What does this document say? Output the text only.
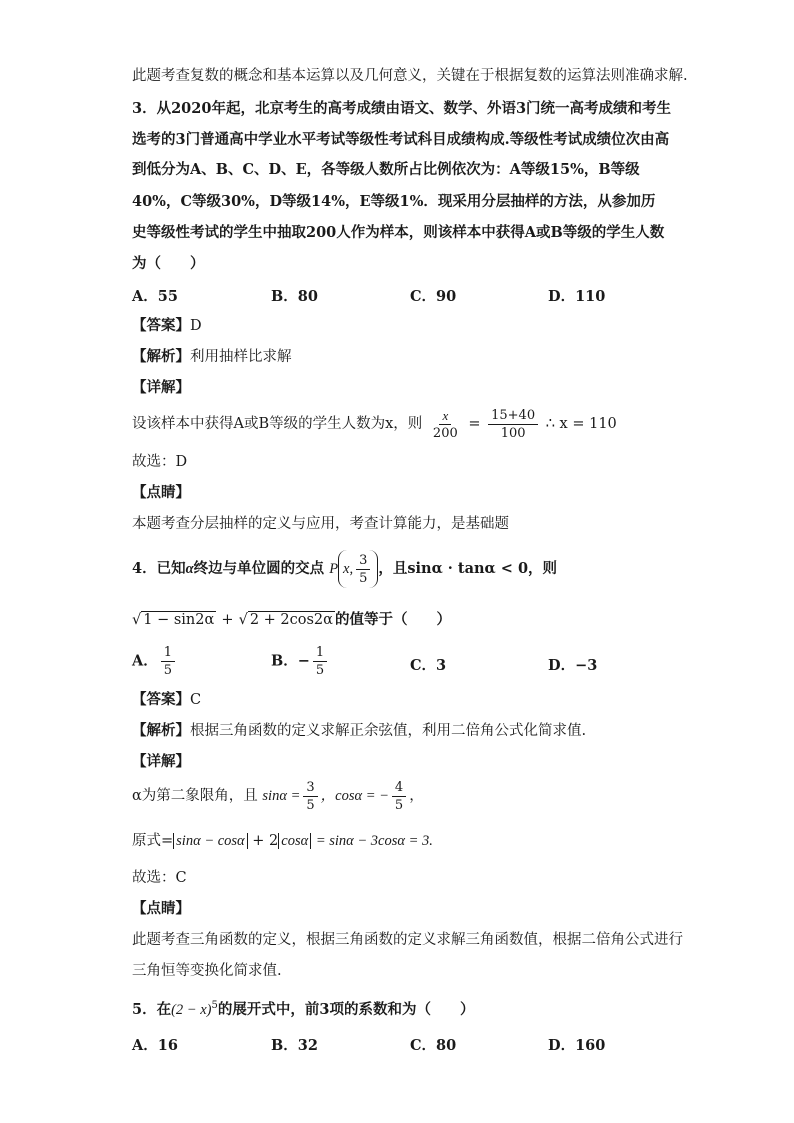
此题考查复数的概念和基本运算以及几何意义，关键在于根据复数的运算法则准确求解.
3．从2020年起，北京考生的高考成绩由语文、数学、外语3门统一高考成绩和考生
选考的3门普通高中学业水平考试等级性考试科目成绩构成.等级性考试成绩位次由高
到低分为A、B、C、D、E，各等级人数所占比例依次为：A等级15%，B等级
40%，C等级30%，D等级14%，E等级1%．现采用分层抽样的方法，从参加历
史等级性考试的学生中抽取200人作为样本，则该样本中获得A或B等级的学生人数
为（　　）
A．55	B．80	C．90	D．110
【答案】D
【解析】利用抽样比求解
【详解】
设该样本中获得A或B等级的学生人数为x，则 $\frac{x}{200} = \frac{15+40}{100}$ ∴ x = 110
故选：D
【点睛】
本题考查分层抽样的定义与应用，考查计算能力，是基础题
4．已知α终边与单位圆的交点 P x, $\frac{3}{5}$ ，且sinα · tanα < 0，则
√ 1 − sin2α + √ 2 + 2cos2α 的值等于（　　）
A． $\frac{1}{5}$	B．− $\frac{1}{5}$	C．3	D．−3
【答案】C
【解析】根据三角函数的定义求解正余弦值，利用二倍角公式化简求值.
【详解】
α为第二象限角，且 $\sin\alpha = \frac{3}{5}$ ，cosα = − $\frac{4}{5}$ ，
原式= sinα − cosα + 2 cosα = sinα − 3cosα = 3.
故选：C
【点睛】
此题考查三角函数的定义，根据三角函数的定义求解三角函数值，根据二倍角公式进行
三角恒等变换化简求值.
5．在$(2 - x)^5$的展开式中，前3项的系数和为（　　）
A．16	B．32	C．80	D．160
